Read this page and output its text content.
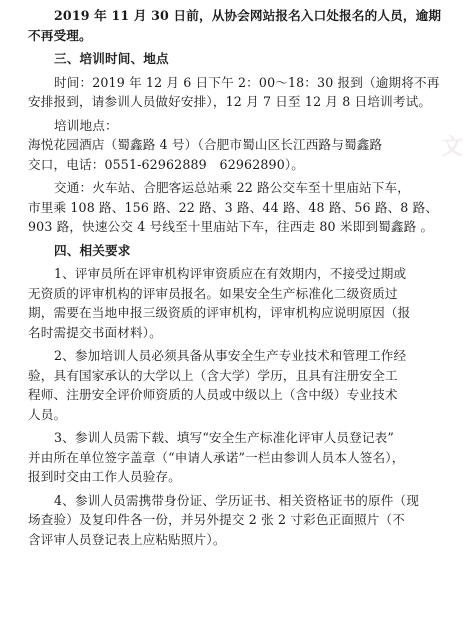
文

2019 年 11 月 30 日前，从协会网站报名入口处报名的人员，逾期

不再受理。

三、培训时间、地点

时间：2019 年 12 月 6 日下午 2：00～18：30 报到（逾期将不再

安排报到，请参训人员做好安排），12 月 7 日至 12 月 8 日培训考试。

培训地点：

海悦花园酒店（蜀鑫路 4 号）（合肥市蜀山区长江西路与蜀鑫路

交口，电话：0551-62962889　62962890）。

交通：火车站、合肥客运总站乘 22 路公交车至十里庙站下车，

市里乘 108 路、156 路、22 路、3 路、44 路、48 路、56 路、8 路、

903 路，快速公交 4 号线至十里庙站下车，往西走 80 米即到蜀鑫路 。

四、相关要求

1、评审员所在评审机构评审资质应在有效期内，不接受过期或

无资质的评审机构的评审员报名。如果安全生产标准化二级资质过

期，需要在当地申报三级资质的评审机构，评审机构应说明原因（报

名时需提交书面材料）。

2、参加培训人员必须具备从事安全生产专业技术和管理工作经

验，具有国家承认的大学以上（含大学）学历，且具有注册安全工

程师、注册安全评价师资质的人员或中级以上（含中级）专业技术

人员。

3、参训人员需下载、填写“安全生产标准化评审人员登记表”

并由所在单位签字盖章（“申请人承诺”一栏由参训人员本人签名），

报到时交由工作人员验存。

4、参训人员需携带身份证、学历证书、相关资格证书的原件（现

场查验）及复印件各一份，并另外提交 2 张 2 寸彩色正面照片（不

含评审人员登记表上应粘贴照片）。
